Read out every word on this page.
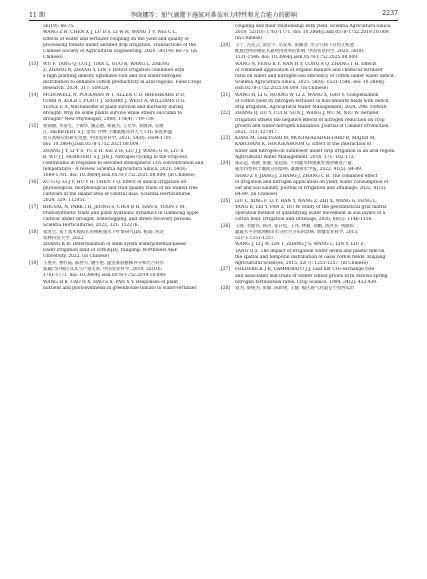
11 期	李晓娜等：加气滴灌下施氮对番茄水力特性和光合能力的影响	2237
56(19): 66-75.
WANG Z H, CHEN X J, LU D S, LI W H, WANG T Y, WEI C L.
Effects of water and fertilizer coupling on the yield and quality of
processing tomato under aerated drip irrigation. Transactions of the
Chinese Society of Agricultural Engineering, 2020, 36(19): 66-75. (in
Chinese)
[13] WU F, TANG Q, CUI J, TIAN L, GUO R, WANG L, ZHENG
Z, ZHANG N, ZHANG Y, LIN T. Deficit irrigation combined with
a high planting density optimizes root and soil water-nitrogen
distribution to enhance cotton productivity in arid regions. Field Crops
Research, 2024, 317: 109524.
[14] MCDOWELL N, POCKMAN W T, ALLEN C D, BRESHEARS D D,
COBB N, KOLB T, PLAUT J, SPERRY J, WEST A, WILLIAMS D G,
YEPEZ E A. Mechanisms of plant survival and mortality during
drought: Why do some plants survive while others succumb to
drought? New Phytologist, 2008, 178(4): 719-739.
[15] 张锦丽, 李彦生, 于锡华, 潘志德, 刘彼杰, 王光华, 刘晓冰, 吴俊
江, HERBTERT S J. 金周. 作物-土壤氮循环对大气 CO₂ 浓度和温
度升高响应的研究进展. 中国农业科学, 2021, 54(8): 1684-1701.
doi: 10.3864/j.issn.0578-1752.2021.08.009.
ZHANG J Y, LI Y S, YU Z H, XIE Z H, LIU J J, WANG G H, LIU X
B, WU J J, HERBTERT S J, JIN J. Nitrogen cycling in the crop-soil
continuums in response to elevated atmospheric CO₂ concentration and
temperature - A review. Scientia Agricultura Sinica, 2021, 54(8):
1684-1701. doi: 10.3864/j.issn.0578-1752.2021.08.009. (in Chinese)
[16] XU G Q, LI J Y, HU Y H, CHEN T Q. Effect of deficit irrigation on
physiological, morphological and fruit quality traits of six walnut tree
cultivars in the inland area of Central Asia. Scientia Horticulturae,
2024, 329: 112951.
[17] BHUSAL N, PARK I H, JEONG S, CHOI B H, HAN S, YOON T M.
Photosynthetic traits and plant hydraulic dynamics in Gamhong apple
cultivar under drought, waterlogging, and stress recovery periods.
Scientia Horticulturae, 2023, 321: 112276.
[18] 张凯宝. 基于蒸木摸拟长的梯桩施水下叶菜研究[D]. 杨凌: 西北
农林科技大学, 2022.
ZHANG K B: Determination of stem xylem waterpotential-based
lower irrigation limit of cotton[D]. Yangling: Northwest A&F
University, 2022. (in Chinese)
[19] 王虎兵, 曹红霞, 郝舒雪, 潘小艳. 温室番茄植株养分和光合对水
氮耦合的响应及其与产量关系. 中国农业科学, 2019, 52(10):
1761-1771. doi: 10.3864/j.issn.0578-1752.2019.10.009.
WANG H B, CAO H X, HAO S X, PAN X Y. Responses of plant
nutrient and photosynthesis in greenhouse tomato to water-fertilizer
coupling and their relationship with yield. Scientia Agricultura Sinica,
2019, 52(10): 1761-1771. doi: 10.3864/j.issn.0578-1752.2019.10.009.
(in Chinese)
[20] 王宁, 冯克云, 南宏宇, 丛安琪, 张佩金. 水分亏缺下有机无机肥
配施比例对棉花水氮利用效率的影响. 中国农业科学, 2025, 58(8):
1531-1546. doi: 10.3864/j.issn.0578-1752.2025.08.009.
WANG N, FENG K Y, NAN H Y, CONG A Q, ZHANG T H. Effects
of combined application of organic manure and chemical fertilizer
ratio on water and nitrogen use efficiency of cotton under water deficit.
Scientia Agricultura Sinica, 2025, 58(8): 1531-1546. doi: 10.3864/j.
issn.0578-1752.2025.08.009. (in Chinese)
[21] WANG H, LI G, HUANG W, LI Z, WANG X, GAO Y. Compensation
of cotton yield by nitrogen fertilizer in non-uniform fields with deficit
drip irrigation. Agricultural Water Management, 2024, 298: 108850.
[22] ZHANG Q, DU Y, CUI B, SUN J, WANG J, WU M, NIU W. Aerated
irrigation offsets the negative effects of nitrogen reduction on crop
growth and water-nitrogen utilization. Journal of Cleaner Production,
2021, 313: 127917.
[23] KIANI M, GHEYSARI M, MOSTAFAZADEH-FARD B, MAJIDI M,
KARCHANI K, HOOGENBOOM G. Effect of the interaction of
water and nitrogen on sunflower under drip irrigation in an arid region.
Agricultural Water Management, 2016, 171: 162-172.
[24] 邵志远, 蒋静, 张敏, 张超波. 不同灌水和施氮处理对棉麦产量,
耗水特性和土壤盐分的影响. 灌溉排水学报, 2022, 41(5): 84-89.
SHAO Z Y, JIANG J, ZHANG J, ZHANG C B. The combined effect
of irrigation and nitrogen application on yield, water consumption of
oat and soil salinity. Journal of Irrigation and Drainage, 2022, 41(5):
84-89. (in Chinese)
[25] LIU L, XING F, LI Y, HAN Y, WANG Z, ZHI X, WANG G, FENG L,
YANG B, LEI Y, FAN Z, DU W. Study of the geostatistical grid matrix
operation method of quantifying water movement in soil layers of a
cotton field. Irrigation and Drainage, 2020, 69(5): 1146-1156.
[26] 王静, 李健伟, 韩涛, 张日松, 王亮, 林毅, 刘鹏, 汤洪多. 残膜和
灌溉水平对绿洲棉田水分时空分布的影响. 新疆农业科学, 2015,
52(7): 1251-1257.
WANG J, LI J W, LIN T, ZHANG J S, WANG L, LIN Y, LIU Z,
TANG Q X. The impact of irrigation water levels and plastic film on
the spatial and temporal distribution of oasis cotton fields. Xinjiang
Agricultural Sciences, 2015, 52(7): 1251-1257. (in Chinese)
[27] FREDERICK J R, CAMBERATO J J. Leaf net CO₂-exchange rate
and associated leaf traits of winter wheat grown with various spring
nitrogen fertilization rates. Crop Science, 1994, 34(2): 432-439.
[28] 刘杰, 蔡焕杰, 张敏, 陈新明, 王健. 膜区施气对温室小型西瓜形
